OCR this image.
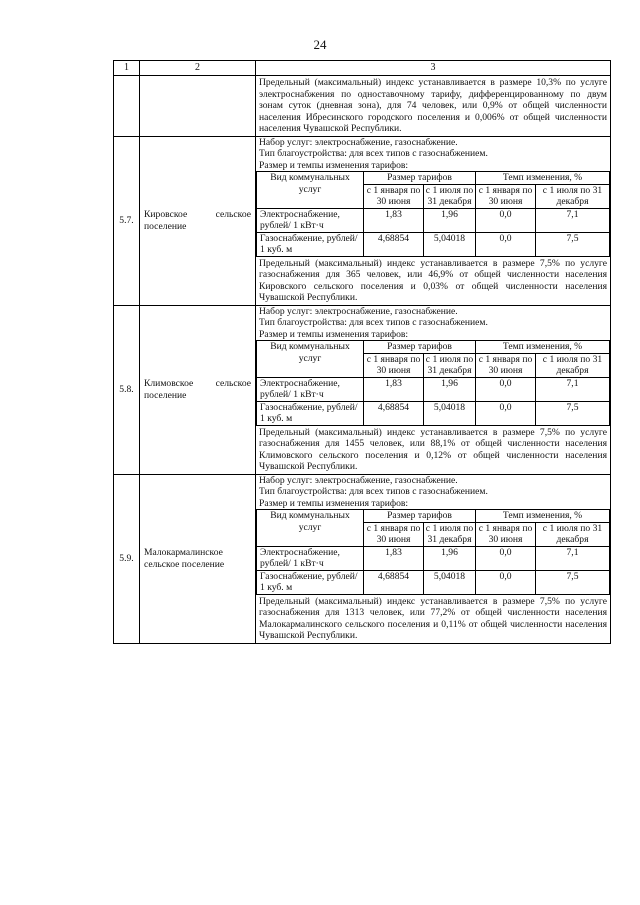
24
1	2	3

Предельный (максимальный) индекс устанавливается в размере 10,3% по услуге электроснабжения по одноставочному тарифу, дифференцированному по двум зонам суток (дневная зона), для 74 человек, или 0,9% от общей численности населения Ибресинского городского поселения и 0,006% от общей численности населения Чувашской Республики.

5.7.	Кировское сельское поселение	
Набор услуг: электроснабжение, газоснабжение.
Тип благоустройства: для всех типов с газоснабжением.
Размер и темпы изменения тарифов:
Вид коммунальных услуг	Размер тарифов	Темп изменения, %
с 1 января по 30 июня	с 1 июля по 31 декабря	с 1 января по 30 июня	с 1 июля по 31 декабря
Электроснабжение, рублей/ 1 кВт·ч	1,83	1,96	0,0	7,1
Газоснабжение, рублей/ 1 куб. м	4,68854	5,04018	0,0	7,5
Предельный (максимальный) индекс устанавливается в размере 7,5% по услуге газоснабжения для 365 человек, или 46,9% от общей численности населения Кировского сельского поселения и 0,03% от общей численности населения Чувашской Республики.

5.8.	Климовское сельское поселение	
Набор услуг: электроснабжение, газоснабжение.
Тип благоустройства: для всех типов с газоснабжением.
Размер и темпы изменения тарифов:
Вид коммунальных услуг	Размер тарифов	Темп изменения, %
с 1 января по 30 июня	с 1 июля по 31 декабря	с 1 января по 30 июня	с 1 июля по 31 декабря
Электроснабжение, рублей/ 1 кВт·ч	1,83	1,96	0,0	7,1
Газоснабжение, рублей/ 1 куб. м	4,68854	5,04018	0,0	7,5
Предельный (максимальный) индекс устанавливается в размере 7,5% по услуге газоснабжения для 1455 человек, или 88,1% от общей численности населения Климовского сельского поселения и 0,12% от общей численности населения Чувашской Республики.

5.9.	Малокармалинское сельское поселение	
Набор услуг: электроснабжение, газоснабжение.
Тип благоустройства: для всех типов с газоснабжением.
Размер и темпы изменения тарифов:
Вид коммунальных услуг	Размер тарифов	Темп изменения, %
с 1 января по 30 июня	с 1 июля по 31 декабря	с 1 января по 30 июня	с 1 июля по 31 декабря
Электроснабжение, рублей/ 1 кВт·ч	1,83	1,96	0,0	7,1
Газоснабжение, рублей/ 1 куб. м	4,68854	5,04018	0,0	7,5
Предельный (максимальный) индекс устанавливается в размере 7,5% по услуге газоснабжения для 1313 человек, или 77,2% от общей численности населения Малокармалинского сельского поселения и 0,11% от общей численности населения Чувашской Республики.
